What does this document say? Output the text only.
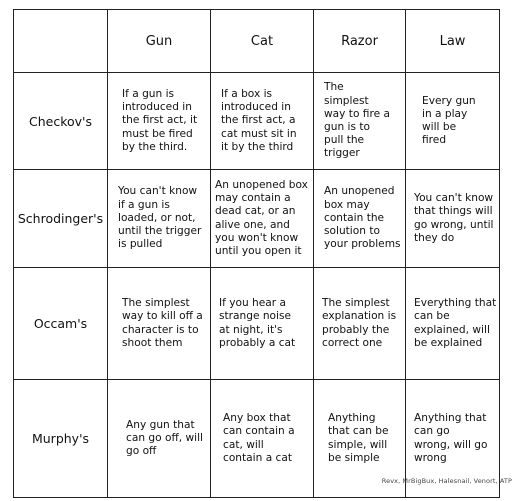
	Gun	Cat	Razor	Law
Checkov's	If a gun is introduced in the first act, it must be fired by the third.	If a box is introduced in the first act, a cat must sit in it by the third	The simplest way to fire a gun is to pull the trigger	Every gun in a play will be fired

Schrodinger's	You can't know if a gun is loaded, or not, until the trigger is pulled	An unopened box may contain a dead cat, or an alive one, and you won't know until you open it	An unopened box may contain the solution to your problems	You can't know that things will go wrong, until they do

Occam's	The simplest way to kill off a character is to shoot them	If you hear a strange noise at night, it's probably a cat	The simplest explanation is probably the correct one	Everything that can be explained, will be explained

Murphy's	Any gun that can go off, will go off	Any box that can contain a cat, will contain a cat	Anything that can be simple, will be simple	Anything that can go wrong, will go wrong
Revx, MrBigBux, Halesnail, Venort, ATP
